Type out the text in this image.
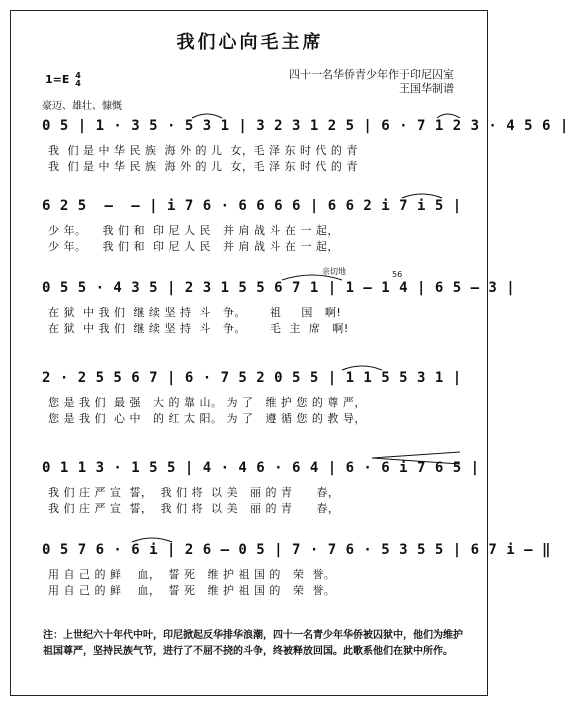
我们心向毛主席
1=E 4
4
豪迈、雄壮、慷慨
四十一名华侨青少年作于印尼囚室
王国华制谱
0 5 | 1 · 3 5 · 5 3 1 | 3 2 3 1 2 5 | 6 · 7 1 2 3 · 4 5 6 |
我  们 是 中 华 民 族  海 外 的 儿  女，毛 泽 东 时 代 的 青
我  们 是 中 华 民 族  海 外 的 儿  女，毛 泽 东 时 代 的 青
6 2 5  –  – | i 7 6 · 6 6 6 6 | 6 6 2 i 7 i 5 |
少 年。    我 们 和  印 尼 人 民   并 肩 战 斗 在 一 起，
少 年。    我 们 和  印 尼 人 民   并 肩 战 斗 在 一 起，
亲切地	56
0 5 5 · 4 3 5 | 2 3 1 5 5 6 7 1 | 1 – 1 4 | 6 5 – 3 |
在 狱  中 我 们  继 续 坚 持  斗   争。      祖     国   啊!
在 狱  中 我 们  继 续 坚 持  斗   争。      毛  主  席   啊!
2 · 2 5 5 6 7 | 6 · 7 5 2 0 5 5 | 1 1 5 5 3 1 |
您 是 我 们  最 强   大 的 靠 山。 为 了   维 护 您 的 尊 严，
您 是 我 们  心 中   的 红 太 阳。 为 了   遵 循 您 的 教 导，
0 1 1 3 · 1 5 5 | 4 · 4 6 · 6 4 | 6 · 6 i 7 6 5 |
我 们 庄 严 宣  誓，  我 们 将  以 美   丽 的 青      春，
我 们 庄 严 宣  誓，  我 们 将  以 美   丽 的 青      春，
0 5 7 6 · 6 i | 2 6 – 0 5 | 7 · 7 6 · 5 3 5 5 | 6 7 i – ‖
用 自 己 的 鲜    血，  誓 死   维 护 祖 国 的   荣  誉。
用 自 己 的 鲜    血，  誓 死   维 护 祖 国 的   荣  誉。
注：上世纪六十年代中叶，印尼掀起反华排华浪潮，四十一名青少年华侨被囚狱中，他们为维护祖国尊严，坚持民族气节，进行了不屈不挠的斗争，终被释放回国。此歌系他们在狱中所作。
